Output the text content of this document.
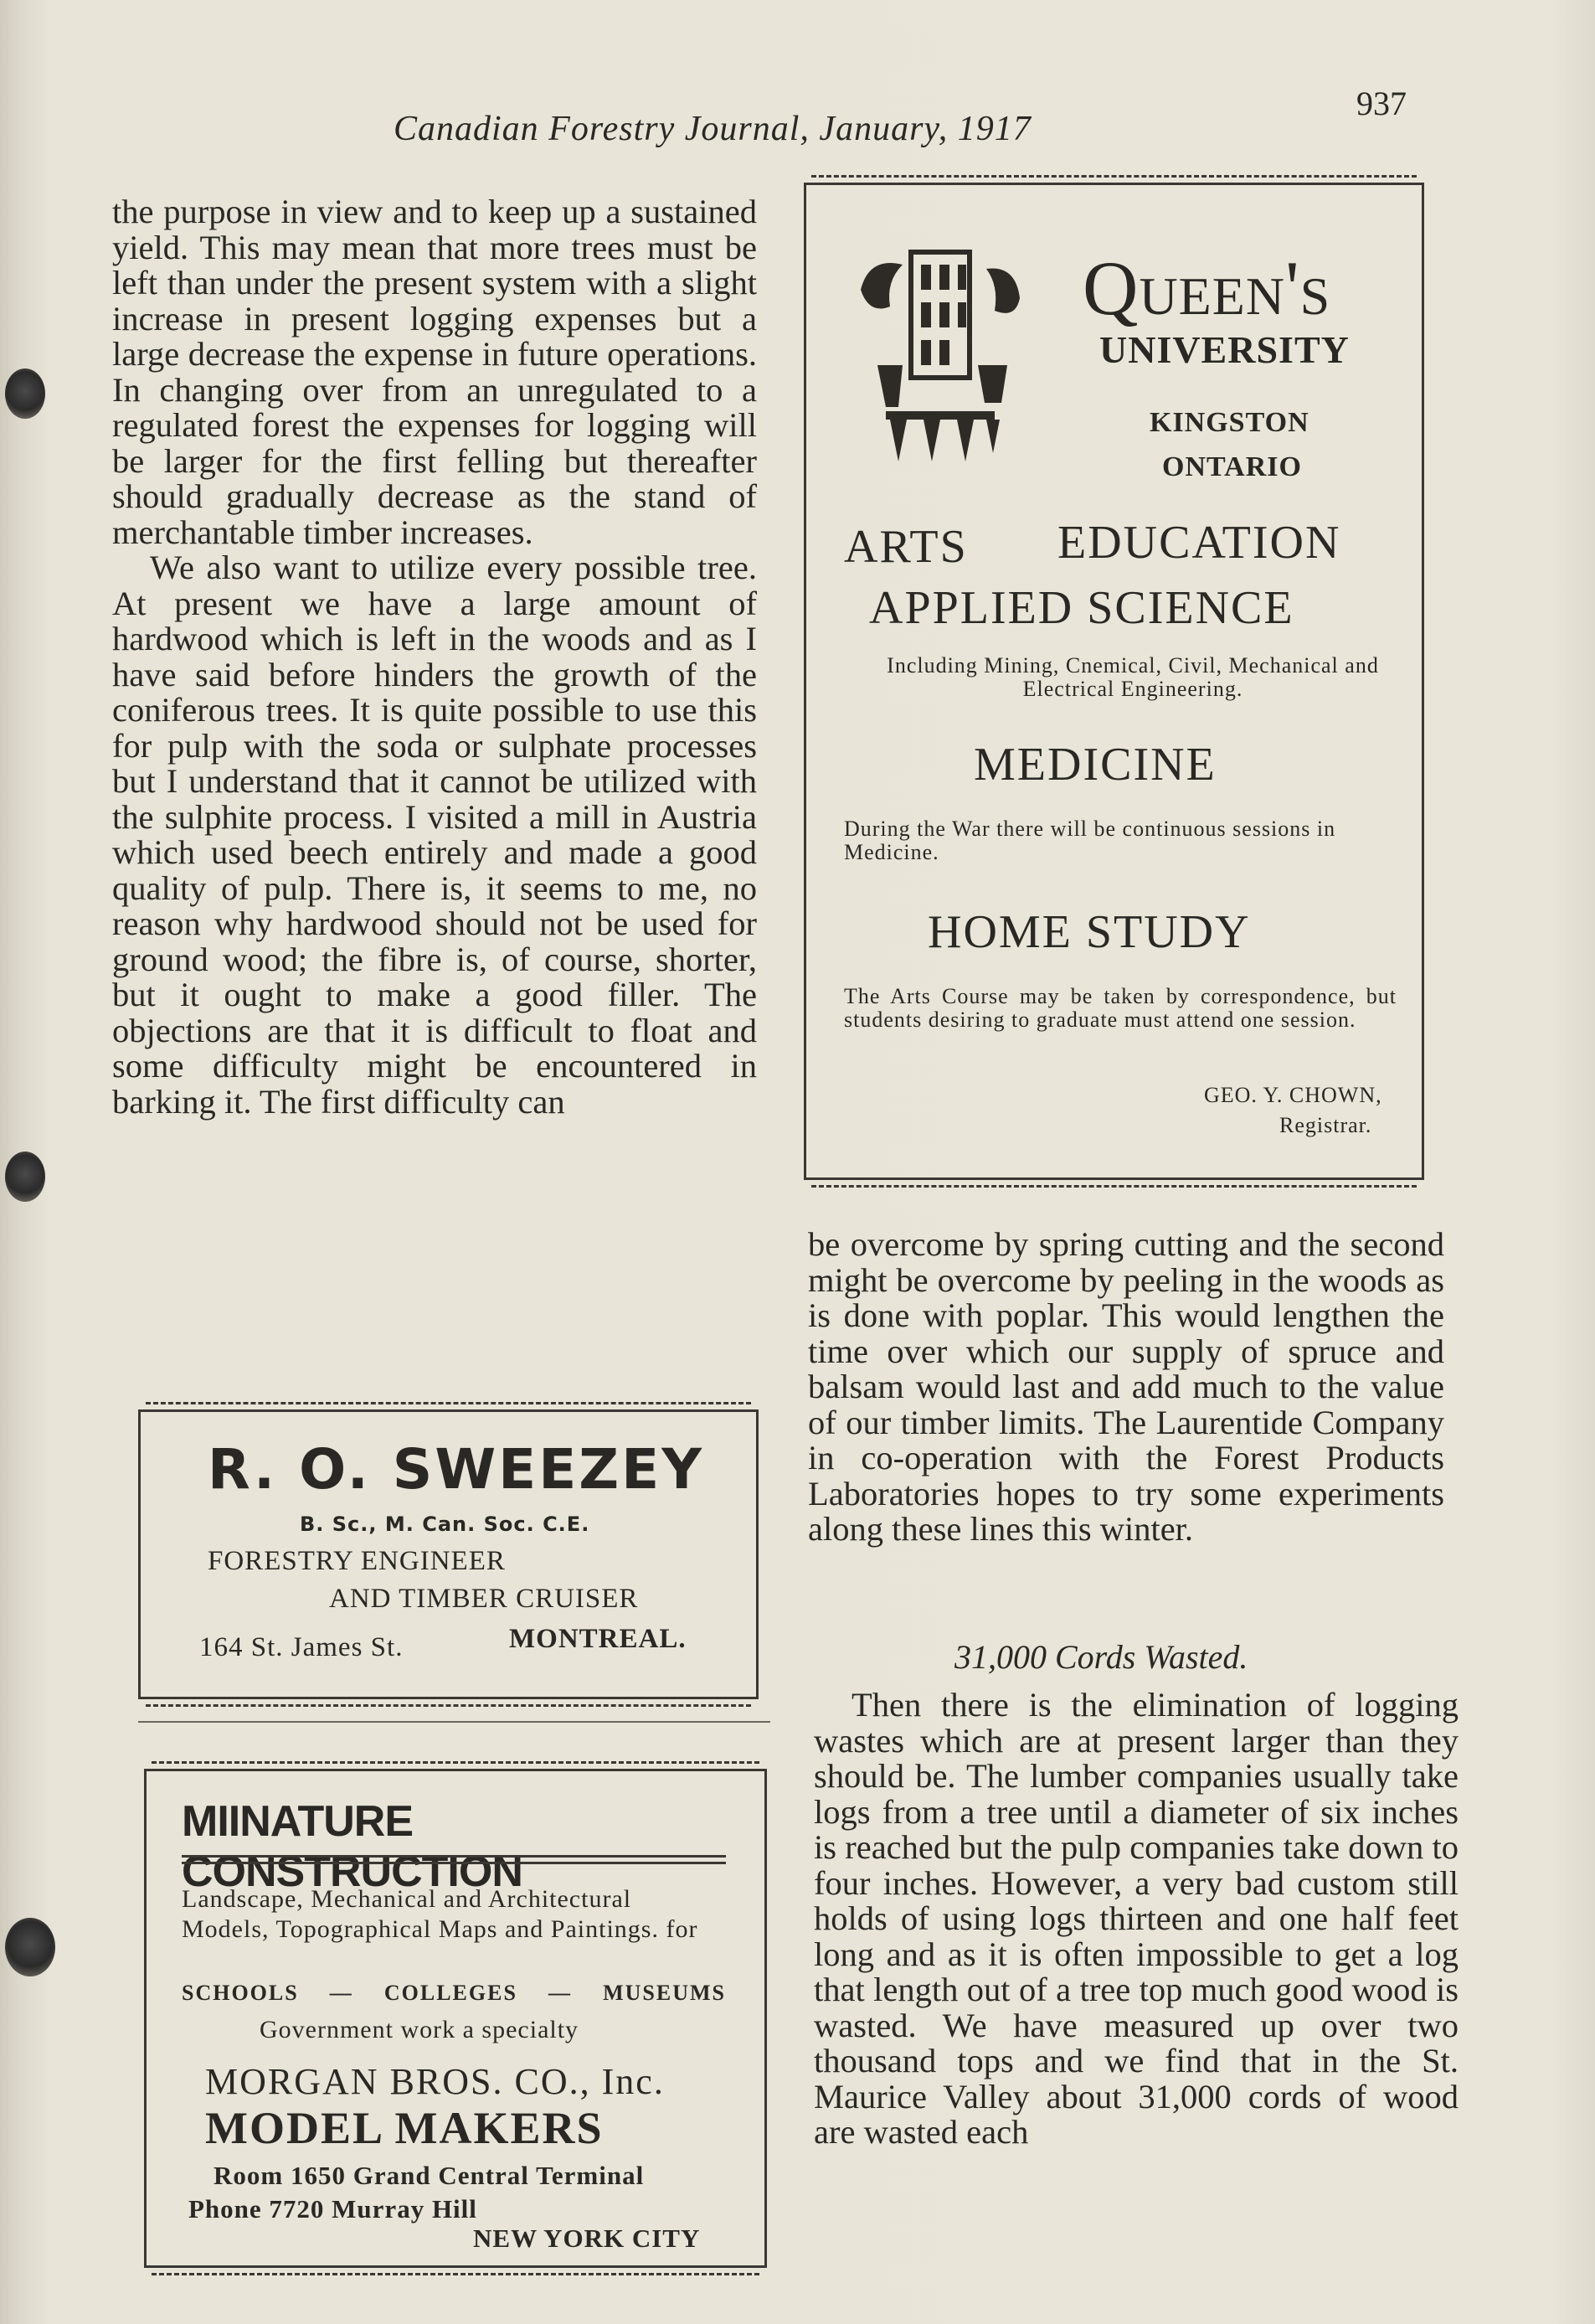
Canadian Forestry Journal, January, 1917
937

the purpose in view and to keep up a sustained yield. This may mean that more trees must be left than under the present system with a slight increase in present logging expenses but a large decrease the expense in future operations. In changing over from an unregulated to a regulated forest the expenses for logging will be larger for the first felling but thereafter should gradually decrease as the stand of merchantable timber increases.

We also want to utilize every possible tree. At present we have a large amount of hardwood which is left in the woods and as I have said before hinders the growth of the coniferous trees. It is quite possible to use this for pulp with the soda or sulphate processes but I understand that it cannot be utilized with the sulphite process. I visited a mill in Austria which used beech entirely and made a good quality of pulp. There is, it seems to me, no reason why hardwood should not be used for ground wood; the fibre is, of course, shorter, but it ought to make a good filler. The objections are that it is difficult to float and some difficulty might be encountered in barking it. The first difficulty can

Queen's
UNIVERSITY
KINGSTON
ONTARIO
ARTS EDUCATION
APPLIED SCIENCE
Including Mining, Cnemical, Civil, Mechanical and Electrical Engineering.
MEDICINE
During the War there will be continuous sessions in Medicine.
HOME STUDY
The Arts Course may be taken by correspondence, but students desiring to graduate must attend one session.
GEO. Y. CHOWN,
Registrar.

be overcome by spring cutting and the second might be overcome by peeling in the woods as is done with poplar. This would lengthen the time over which our supply of spruce and balsam would last and add much to the value of our timber limits. The Laurentide Company in co-operation with the Forest Products Laboratories hopes to try some experiments along these lines this winter.

31,000 Cords Wasted.

Then there is the elimination of logging wastes which are at present larger than they should be. The lumber companies usually take logs from a tree until a diameter of six inches is reached but the pulp companies take down to four inches. However, a very bad custom still holds of using logs thirteen and one half feet long and as it is often impossible to get a log that length out of a tree top much good wood is wasted. We have measured up over two thousand tops and we find that in the St. Maurice Valley about 31,000 cords of wood are wasted each

R. O. SWEEZEY
B. Sc., M. Can. Soc. C.E.
FORESTRY ENGINEER
AND TIMBER CRUISER
164 St. James St.	MONTREAL.
MIINATURE CONSTRUCTION
Landscape, Mechanical and Architectural Models, Topographical Maps and Paintings. for
SCHOOLS — COLLEGES — MUSEUMS
Government work a specialty
MORGAN BROS. CO., Inc.
MODEL MAKERS
Room 1650 Grand Central Terminal
Phone 7720 Murray Hill
NEW YORK CITY
